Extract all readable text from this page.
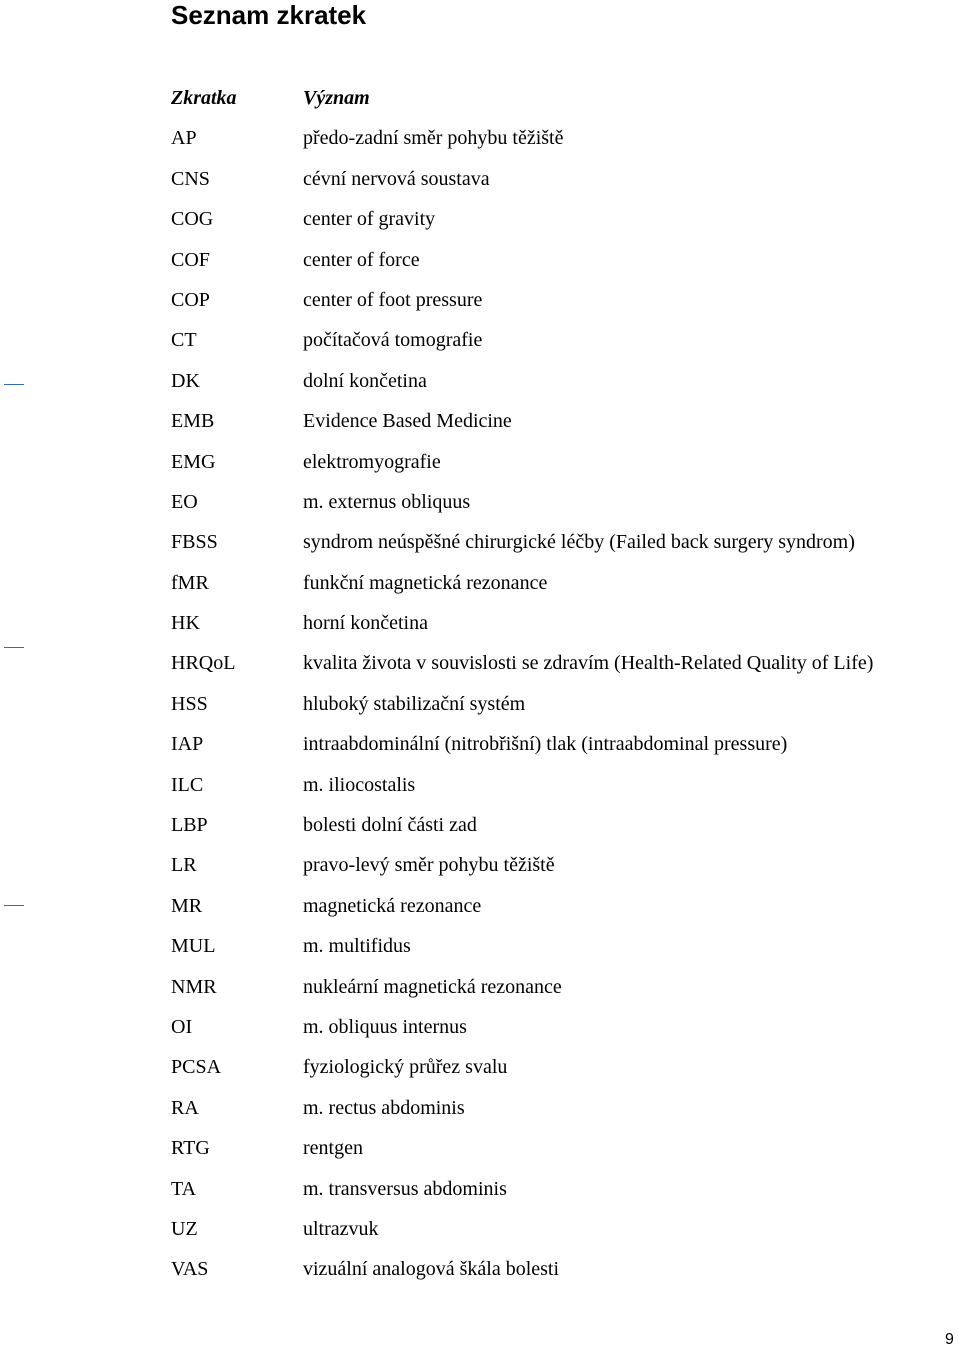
Seznam zkratek
Zkratka	Význam
AP	předo-zadní směr pohybu těžiště
CNS	cévní nervová soustava
COG	center of gravity
COF	center of force
COP	center of foot pressure
CT	počítačová tomografie
DK	dolní končetina
EMB	Evidence Based Medicine
EMG	elektromyografie
EO	m. externus obliquus
FBSS	syndrom neúspěšné chirurgické léčby (Failed back surgery syndrom)
fMR	funkční magnetická rezonance
HK	horní končetina
HRQoL	kvalita života v souvislosti se zdravím (Health-Related Quality of Life)
HSS	hluboký stabilizační systém
IAP	intraabdominální (nitrobřišní) tlak (intraabdominal pressure)
ILC	m. iliocostalis
LBP	bolesti dolní části zad
LR	pravo-levý směr pohybu těžiště
MR	magnetická rezonance
MUL	m. multifidus
NMR	nukleární magnetická rezonance
OI	m. obliquus internus
PCSA	fyziologický průřez svalu
RA	m. rectus abdominis
RTG	rentgen
TA	m. transversus abdominis
UZ	ultrazvuk
VAS	vizuální analogová škála bolesti
9
